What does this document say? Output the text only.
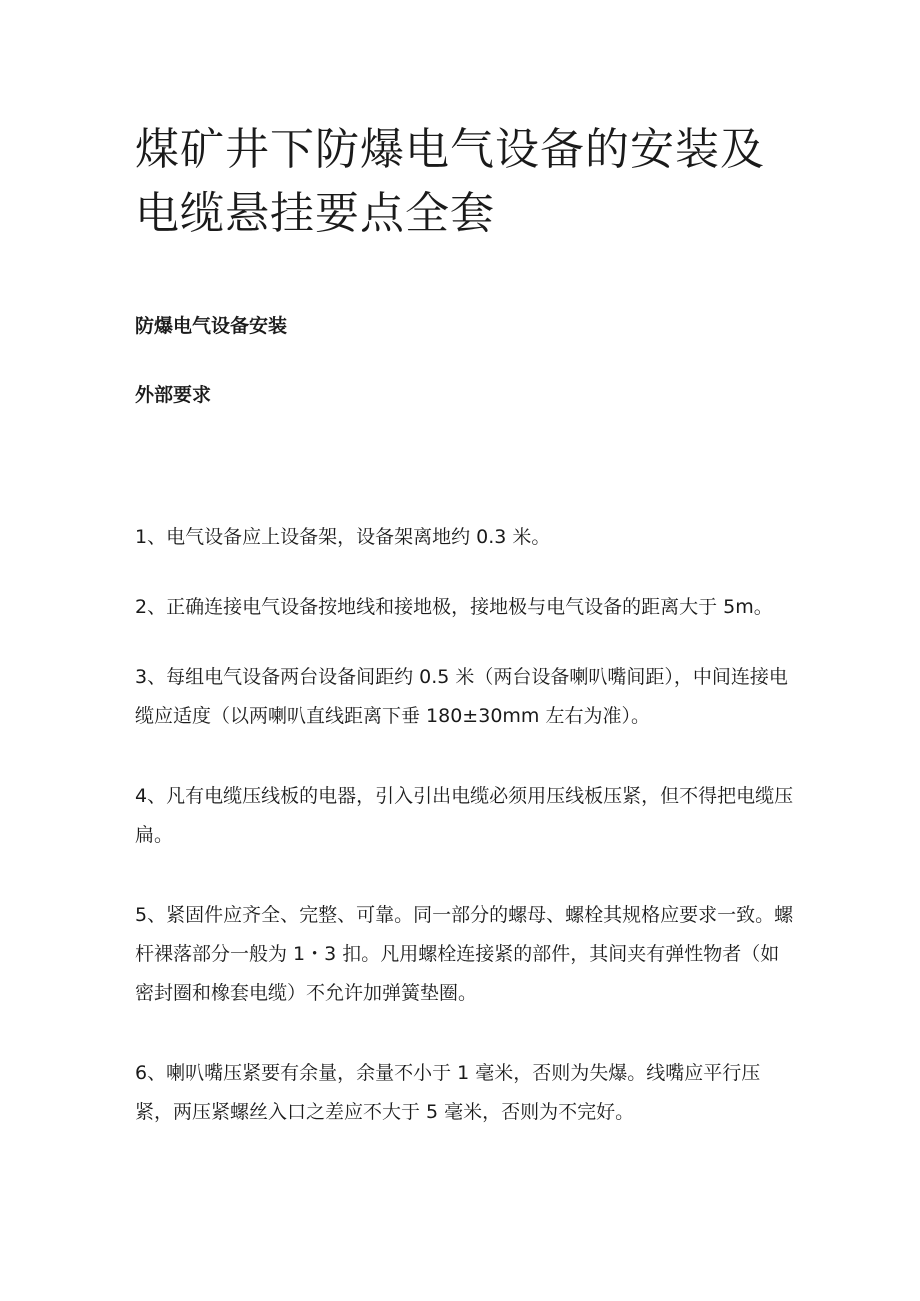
煤矿井下防爆电气设备的安装及电缆悬挂要点全套
防爆电气设备安装
外部要求

1、电气设备应上设备架，设备架离地约 0.3 米。

2、正确连接电气设备按地线和接地极，接地极与电气设备的距离大于 5m。

3、每组电气设备两台设备间距约 0.5 米（两台设备喇叭嘴间距），中间连接电缆应适度（以两喇叭直线距离下垂 180±30mm 左右为准）。

4、凡有电缆压线板的电器，引入引出电缆必须用压线板压紧，但不得把电缆压扁。

5、紧固件应齐全、完整、可靠。同一部分的螺母、螺栓其规格应要求一致。螺杆裸落部分一般为 1・3 扣。凡用螺栓连接紧的部件，其间夹有弹性物者（如密封圈和橡套电缆）不允许加弹簧垫圈。

6、喇叭嘴压紧要有余量，余量不小于 1 毫米，否则为失爆。线嘴应平行压紧，两压紧螺丝入口之差应不大于 5 毫米，否则为不完好。
